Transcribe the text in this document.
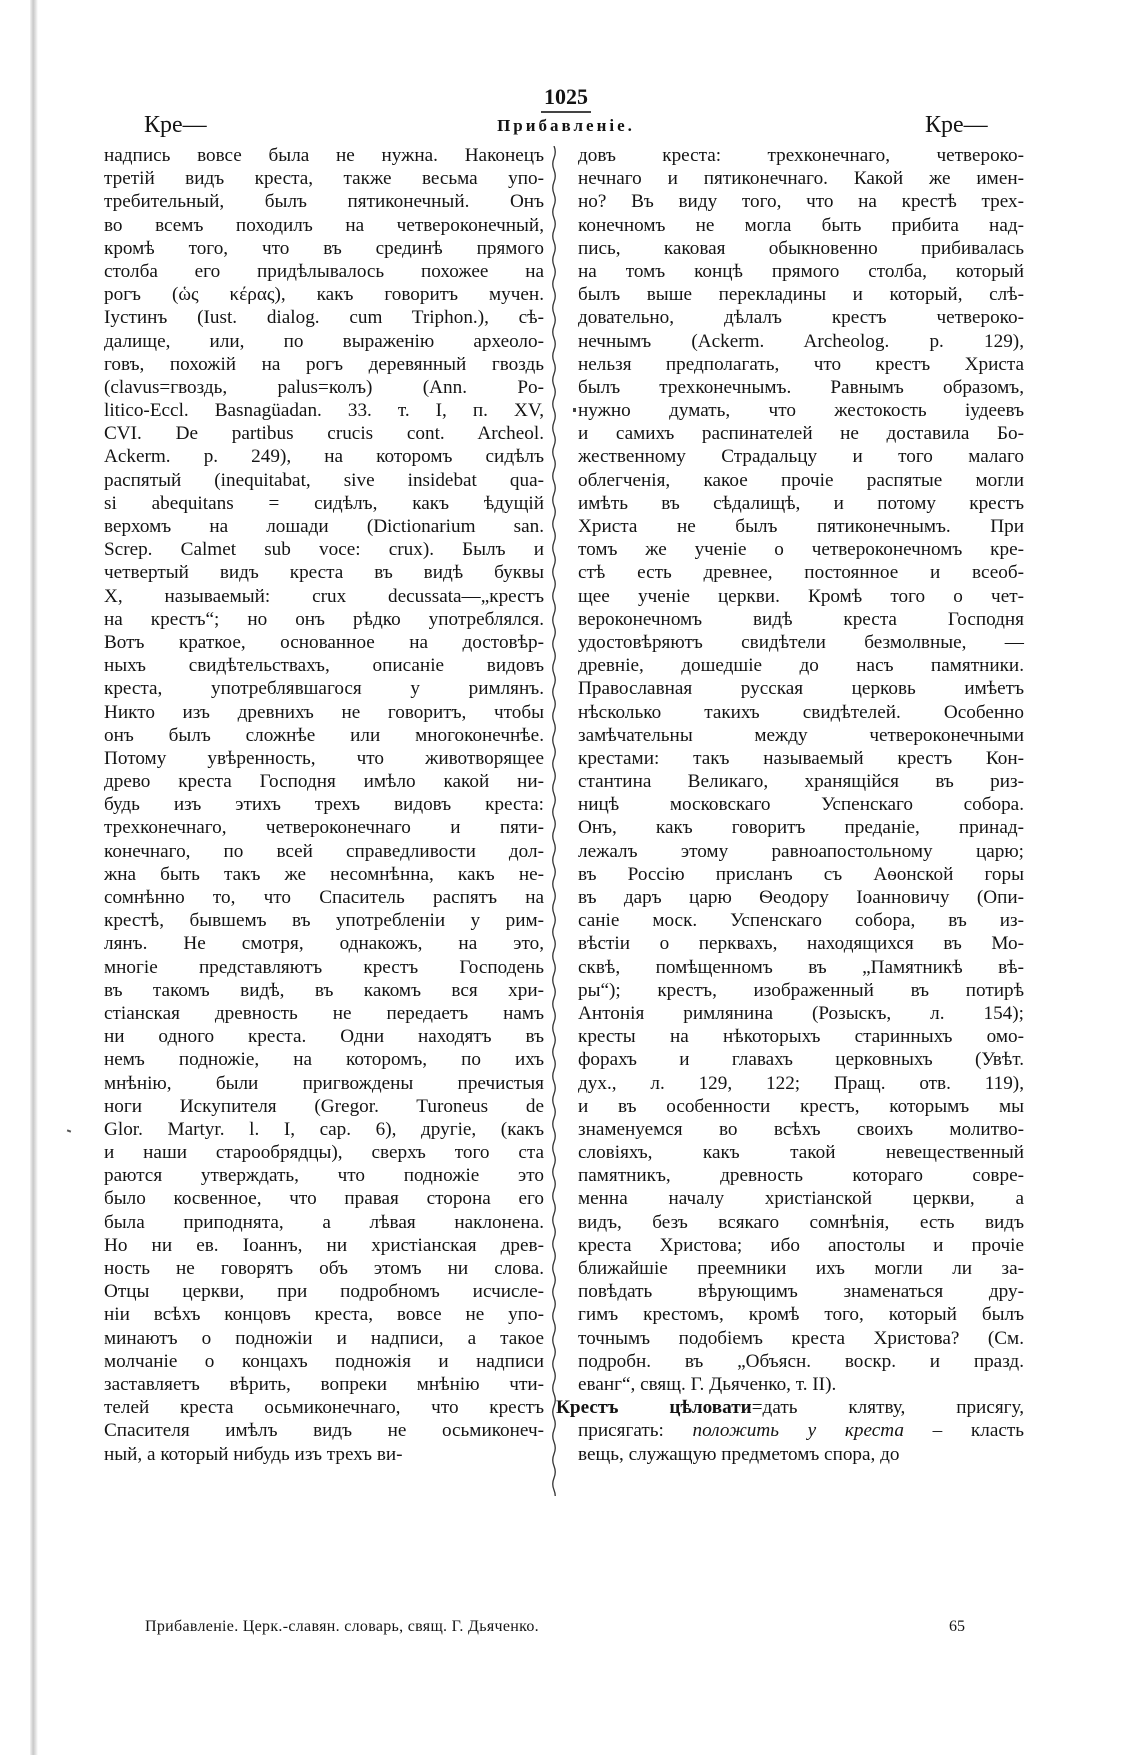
1025
Кре—	Прибавленіе.	Кре—
надпись вовсе была не нужна. Наконецъ
третій видъ креста, также весьма упо-
требительный, былъ пятиконечный. Онъ
во всемъ походилъ на четвероконечный,
кромѣ того, что въ срединѣ прямого
столба его придѣлывалось похожее на
рогъ (ὡς κέρας), какъ говоритъ мучен.
Іустинъ (Iust. dialog. cum Triphon.), сѣ-
далище, или, по выраженію археоло-
говъ, похожій на рогъ деревянный гвоздь
(clavus=гвоздь, palus=колъ) (Ann. Po-
litico-Eccl. Basnagüadan. 33. т. I, п. XV,
CVI. De partibus crucis cont. Archeol.
Ackerm. p. 249), на которомъ сидѣлъ
распятый (inequitabat, sive insidebat qua-
si abequitans = сидѣлъ, какъ ѣдущій
верхомъ на лошади (Dictionarium san.
Screp. Calmet sub voce: crux). Былъ и
четвертый видъ креста въ видѣ буквы
X, называемый: crux decussata—„крестъ
на крестъ“; но онъ рѣдко употреблялся.
Вотъ краткое, основанное на достовѣр-
ныхъ свидѣтельствахъ, описаніе видовъ
креста, употреблявшагося у римлянъ.
Никто изъ древнихъ не говоритъ, чтобы
онъ былъ сложнѣе или многоконечнѣе.
Потому увѣренность, что животворящее
древо креста Господня имѣло какой ни-
будь изъ этихъ трехъ видовъ креста:
трехконечнаго, четвероконечнаго и пяти-
конечнаго, по всей справедливости дол-
жна быть такъ же несомнѣнна, какъ не-
сомнѣнно то, что Спаситель распятъ на
крестѣ, бывшемъ въ употребленіи у рим-
лянъ. Не смотря, однакожъ, на это,
многіе представляютъ крестъ Господень
въ такомъ видѣ, въ какомъ вся хри-
стіанская древность не передаетъ намъ
ни одного креста. Одни находятъ въ
немъ подножіе, на которомъ, по ихъ
мнѣнію, были пригвождены пречистыя
ноги Искупителя (Gregor. Turoneus de
Glor. Martyr. l. I, cap. 6), другіе, (какъ
и наши старообрядцы), сверхъ того ста
раются утверждать, что подножіе это
было косвенное, что правая сторона его
была приподнята, а лѣвая наклонена.
Но ни ев. Іоаннъ, ни христіанская древ-
ность не говорятъ объ этомъ ни слова.
Отцы церкви, при подробномъ исчисле-
ніи всѣхъ концовъ креста, вовсе не упо-
минаютъ о подножіи и надписи, а такое
молчаніе о концахъ подножія и надписи
заставляетъ вѣрить, вопреки мнѣнію чти-
телей креста осьмиконечнаго, что крестъ
Спасителя имѣлъ видъ не осьмиконеч-
ный, а который нибудь изъ трехъ ви-
довъ креста: трехконечнаго, четвероко-
нечнаго и пятиконечнаго. Какой же имен-
но? Въ виду того, что на крестѣ трех-
конечномъ не могла быть прибита над-
пись, каковая обыкновенно прибивалась
на томъ концѣ прямого столба, который
былъ выше перекладины и который, слѣ-
довательно, дѣлалъ крестъ четвероко-
нечнымъ (Ackerm. Archeolog. p. 129),
нельзя предполагать, что крестъ Христа
былъ трехконечнымъ. Равнымъ образомъ,
нужно думать, что жестокость іудеевъ
и самихъ распинателей не доставила Бо-
жественному Страдальцу и того малаго
облегченія, какое прочіе распятые могли
имѣть въ сѣдалищѣ, и потому крестъ
Христа не былъ пятиконечнымъ. При
томъ же ученіе о четвероконечномъ кре-
стѣ есть древнее, постоянное и всеоб-
щее ученіе церкви. Кромѣ того о чет-
вероконечномъ видѣ креста Господня
удостовѣряютъ свидѣтели безмолвные, —
древніе, дошедшіе до насъ памятники.
Православная русская церковь имѣетъ
нѣсколько такихъ свидѣтелей. Особенно
замѣчательны между четвероконечными
крестами: такъ называемый крестъ Кон-
стантина Великаго, хранящійся въ риз-
ницѣ московскаго Успенскаго собора.
Онъ, какъ говоритъ преданіе, принад-
лежалъ этому равноапостольному царю;
въ Россію присланъ съ Аѳонской горы
въ даръ царю Ѳеодору Іоанновичу (Опи-
саніе моск. Успенскаго собора, въ из-
вѣстіи о перквахъ, находящихся въ Мо-
сквѣ, помѣщенномъ въ „Памятникѣ вѣ-
ры“); крестъ, изображенный въ потирѣ
Антонія римлянина (Розыскъ, л. 154);
кресты на нѣкоторыхъ старинныхъ омо-
форахъ и главахъ церковныхъ (Увѣт.
дух., л. 129, 122; Пращ. отв. 119),
и въ особенности крестъ, которымъ мы
знаменуемся во всѣхъ своихъ молитво-
словіяхъ, какъ такой невещественный
памятникъ, древность котораго совре-
менна началу христіанской церкви, а
видъ, безъ всякаго сомнѣнія, есть видъ
креста Христова; ибо апостолы и прочіе
ближайшіе преемники ихъ могли ли за-
повѣдать вѣрующимъ знаменаться дру-
гимъ крестомъ, кромѣ того, который былъ
точнымъ подобіемъ креста Христова? (См.
подробн. въ „Объясн. воскр. и празд.
еванг“, свящ. Г. Дьяченко, т. II).
Крестъ цѣловати=дать клятву, присягу,
присягать: положить у креста – класть
вещь, служащую предметомъ спора, до
Прибавленіе. Церк.-славян. словарь, свящ. Г. Дьяченко.	65
